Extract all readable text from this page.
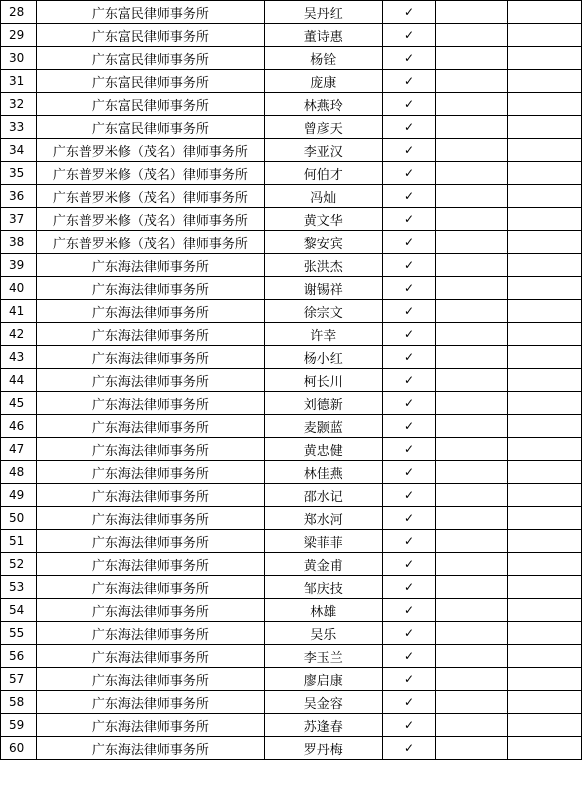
28	广东富民律师事务所	吴丹红	✓		
29	广东富民律师事务所	董诗惠	✓		
30	广东富民律师事务所	杨铨	✓		
31	广东富民律师事务所	庞康	✓		
32	广东富民律师事务所	林燕玲	✓		
33	广东富民律师事务所	曾彦天	✓		
34	广东普罗米修（茂名）律师事务所	李亚汉	✓		
35	广东普罗米修（茂名）律师事务所	何伯才	✓		
36	广东普罗米修（茂名）律师事务所	冯灿	✓		
37	广东普罗米修（茂名）律师事务所	黄文华	✓		
38	广东普罗米修（茂名）律师事务所	黎安宾	✓		
39	广东海法律师事务所	张洪杰	✓		
40	广东海法律师事务所	谢锡祥	✓		
41	广东海法律师事务所	徐宗文	✓		
42	广东海法律师事务所	许幸	✓		
43	广东海法律师事务所	杨小红	✓		
44	广东海法律师事务所	柯长川	✓		
45	广东海法律师事务所	刘德新	✓		
46	广东海法律师事务所	麦颢蓝	✓		
47	广东海法律师事务所	黄忠健	✓		
48	广东海法律师事务所	林佳燕	✓		
49	广东海法律师事务所	邵水记	✓		
50	广东海法律师事务所	郑水河	✓		
51	广东海法律师事务所	梁菲菲	✓		
52	广东海法律师事务所	黄金甫	✓		
53	广东海法律师事务所	邹庆技	✓		
54	广东海法律师事务所	林雄	✓		
55	广东海法律师事务所	吴乐	✓		
56	广东海法律师事务所	李玉兰	✓		
57	广东海法律师事务所	廖启康	✓		
58	广东海法律师事务所	吴金容	✓		
59	广东海法律师事务所	苏逢春	✓		
60	广东海法律师事务所	罗丹梅	✓		
